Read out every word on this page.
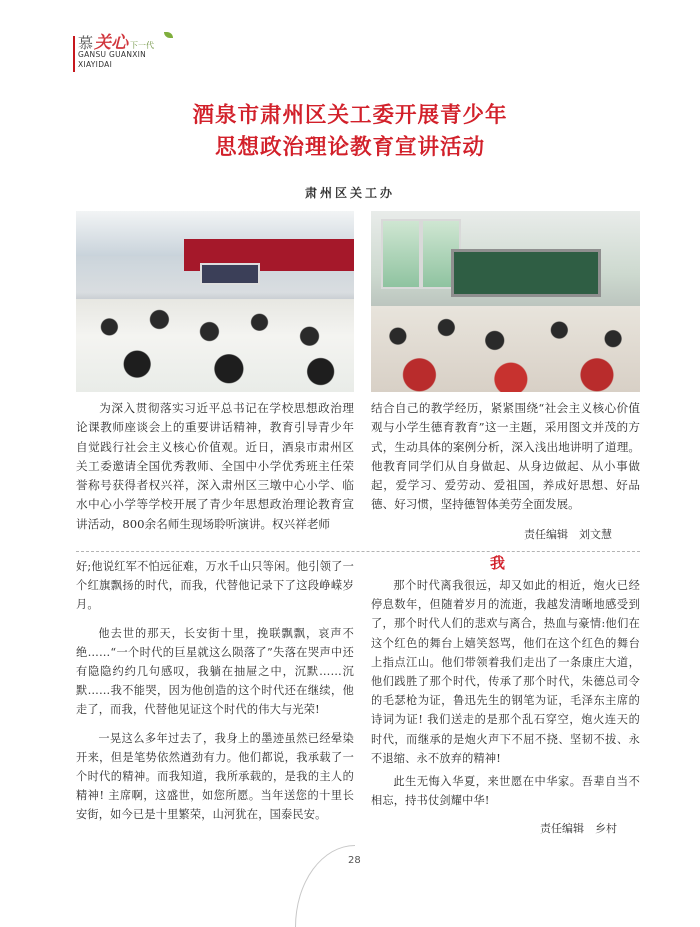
慕 关心 下一代
GANSU GUANXIN
XIAYIDAI
酒泉市肃州区关工委开展青少年
思想政治理论教育宣讲活动
肃州区关工办
为深入贯彻落实习近平总书记在学校思想政治理论课教师座谈会上的重要讲话精神，教育引导青少年自觉践行社会主义核心价值观。近日，酒泉市肃州区关工委邀请全国优秀教师、全国中小学优秀班主任荣誉称号获得者权兴祥，深入肃州区三墩中心小学、临水中心小学等学校开展了青少年思想政治理论教育宣讲活动，800余名师生现场聆听演讲。权兴祥老师
结合自己的教学经历，紧紧围绕“社会主义核心价值观与小学生德育教育”这一主题，采用图文并茂的方式，生动具体的案例分析，深入浅出地讲明了道理。他教育同学们从自身做起、从身边做起、从小事做起，爱学习、爱劳动、爱祖国，养成好思想、好品德、好习惯，坚持德智体美劳全面发展。
责任编辑　刘文慧

好;他说红军不怕远征难，万水千山只等闲。他引领了一个红旗飘扬的时代，而我，代替他记录下了这段峥嵘岁月。

他去世的那天，长安街十里，挽联飘飘，哀声不绝……“一个时代的巨星就这么陨落了”失落在哭声中还有隐隐约约几句感叹，我躺在抽屉之中，沉默……沉默……我不能哭，因为他创造的这个时代还在继续，他走了，而我，代替他见证这个时代的伟大与光荣!

一晃这么多年过去了，我身上的墨迹虽然已经晕染开来，但是笔势依然遒劲有力。他们都说，我承载了一个时代的精神。而我知道，我所承载的，是我的主人的精神! 主席啊，这盛世，如您所愿。当年送您的十里长安街，如今已是十里繁荣，山河犹在，国泰民安。

我

那个时代离我很远，却又如此的相近，炮火已经停息数年，但随着岁月的流逝，我越发清晰地感受到了，那个时代人们的悲欢与离合，热血与豪情:他们在这个红色的舞台上嬉笑怒骂，他们在这个红色的舞台上指点江山。他们带领着我们走出了一条康庄大道，他们践胜了那个时代，传承了那个时代，朱德总司令的毛瑟枪为证，鲁迅先生的钢笔为证，毛泽东主席的诗词为证! 我们送走的是那个乱石穿空，炮火连天的时代，而继承的是炮火声下不屈不挠、坚韧不拔、永不退缩、永不放弃的精神!

此生无悔入华夏，来世愿在中华家。吾辈自当不相忘，持书仗剑耀中华!

责任编辑　乡村
28
